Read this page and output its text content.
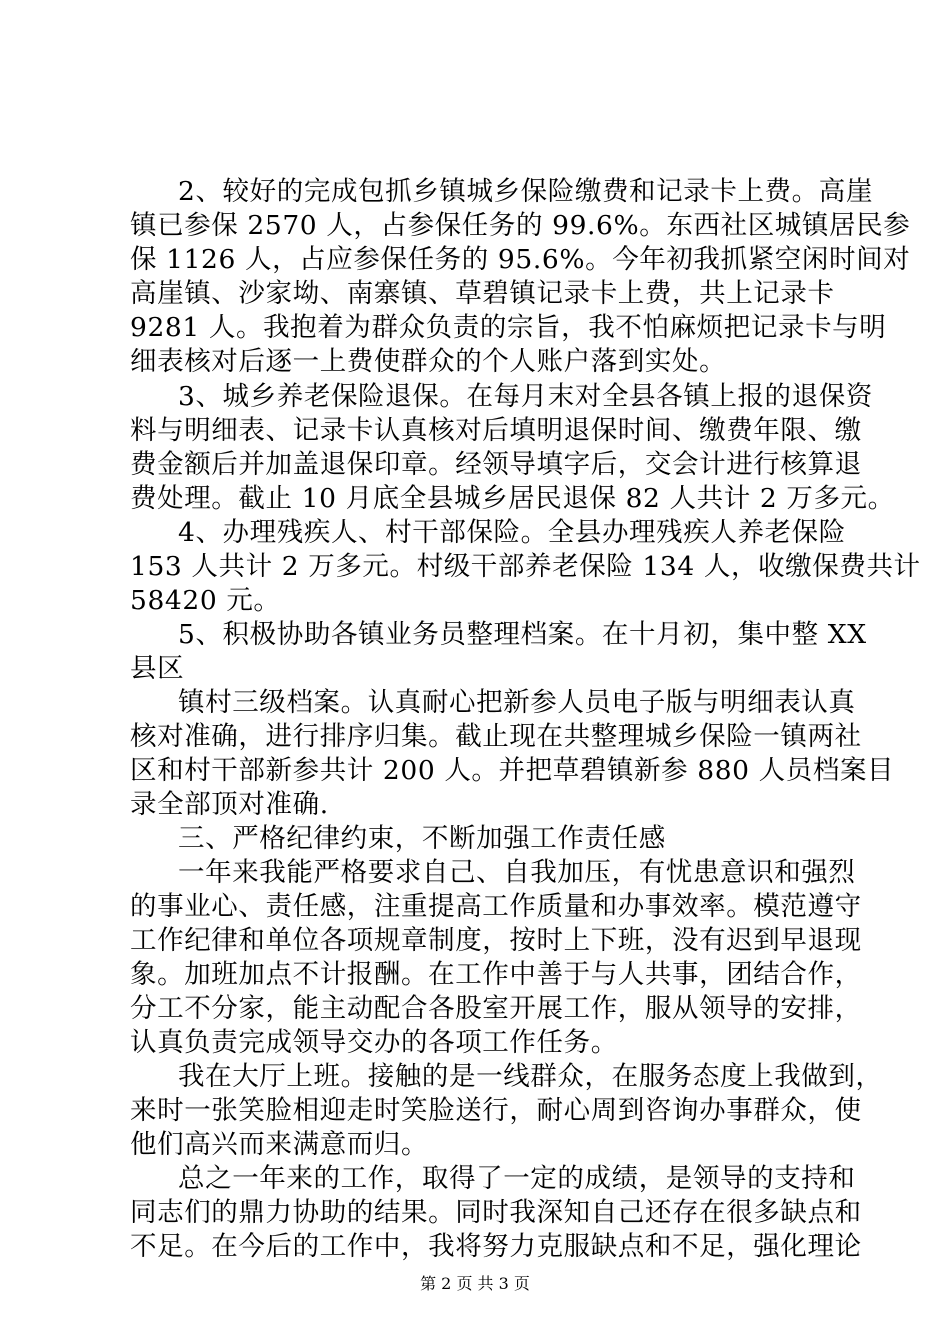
2、较好的完成包抓乡镇城乡保险缴费和记录卡上费。高崖
镇已参保 2570 人，占参保任务的 99.6%。东西社区城镇居民参
保 1126 人，占应参保任务的 95.6%。今年初我抓紧空闲时间对
高崖镇、沙家坳、南寨镇、草碧镇记录卡上费，共上记录卡
9281 人。我抱着为群众负责的宗旨，我不怕麻烦把记录卡与明
细表核对后逐一上费使群众的个人账户落到实处。
3、城乡养老保险退保。在每月末对全县各镇上报的退保资
料与明细表、记录卡认真核对后填明退保时间、缴费年限、缴
费金额后并加盖退保印章。经领导填字后，交会计进行核算退
费处理。截止 10 月底全县城乡居民退保 82 人共计 2 万多元。
4、办理残疾人、村干部保险。全县办理残疾人养老保险
153 人共计 2 万多元。村级干部养老保险 134 人，收缴保费共计
58420 元。
5、积极协助各镇业务员整理档案。在十月初，集中整 XX
县区
镇村三级档案。认真耐心把新参人员电子版与明细表认真
核对准确，进行排序归集。截止现在共整理城乡保险一镇两社
区和村干部新参共计 200 人。并把草碧镇新参 880 人员档案目
录全部顶对准确.
三、严格纪律约束，不断加强工作责任感
一年来我能严格要求自己、自我加压，有忧患意识和强烈
的事业心、责任感，注重提高工作质量和办事效率。模范遵守
工作纪律和单位各项规章制度，按时上下班，没有迟到早退现
象。加班加点不计报酬。在工作中善于与人共事，团结合作，
分工不分家，能主动配合各股室开展工作，服从领导的安排，
认真负责完成领导交办的各项工作任务。
我在大厅上班。接触的是一线群众，在服务态度上我做到，
来时一张笑脸相迎走时笑脸送行，耐心周到咨询办事群众，使
他们高兴而来满意而归。
总之一年来的工作，取得了一定的成绩，是领导的支持和
同志们的鼎力协助的结果。同时我深知自己还存在很多缺点和
不足。在今后的工作中，我将努力克服缺点和不足，强化理论
第 2 页 共 3 页
